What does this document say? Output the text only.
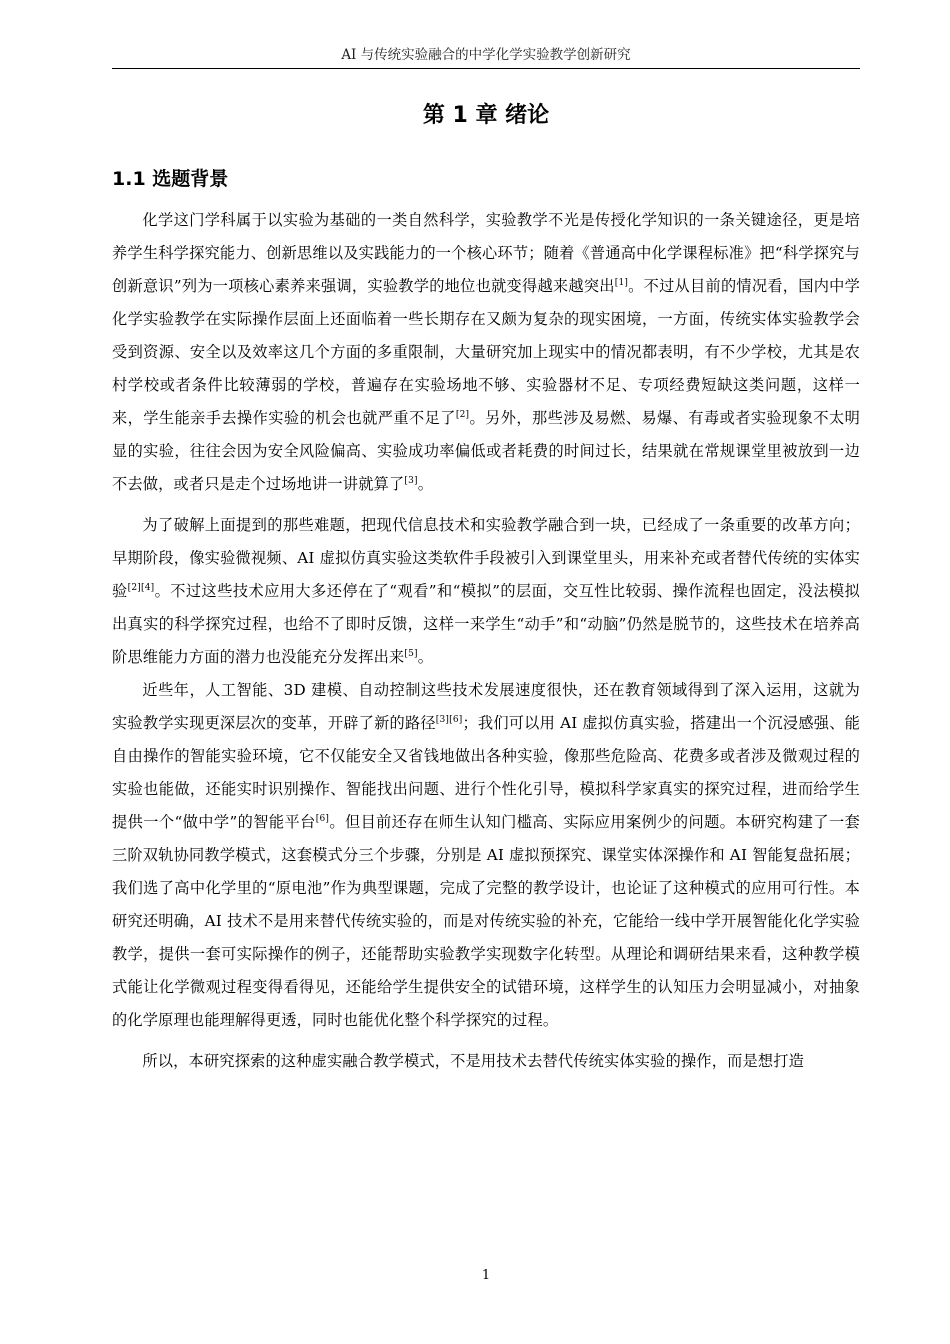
AI 与传统实验融合的中学化学实验教学创新研究
第 1 章 绪论
1.1 选题背景

化学这门学科属于以实验为基础的一类自然科学，实验教学不光是传授化学知识的一条关键途径，更是培养学生科学探究能力、创新思维以及实践能力的一个核心环节；随着《普通高中化学课程标准》把“科学探究与创新意识”列为一项核心素养来强调，实验教学的地位也就变得越来越突出[1]。不过从目前的情况看，国内中学化学实验教学在实际操作层面上还面临着一些长期存在又颇为复杂的现实困境，一方面，传统实体实验教学会受到资源、安全以及效率这几个方面的多重限制，大量研究加上现实中的情况都表明，有不少学校，尤其是农村学校或者条件比较薄弱的学校，普遍存在实验场地不够、实验器材不足、专项经费短缺这类问题，这样一来，学生能亲手去操作实验的机会也就严重不足了[2]。另外，那些涉及易燃、易爆、有毒或者实验现象不太明显的实验，往往会因为安全风险偏高、实验成功率偏低或者耗费的时间过长，结果就在常规课堂里被放到一边不去做，或者只是走个过场地讲一讲就算了[3]。

为了破解上面提到的那些难题，把现代信息技术和实验教学融合到一块，已经成了一条重要的改革方向；早期阶段，像实验微视频、AI 虚拟仿真实验这类软件手段被引入到课堂里头，用来补充或者替代传统的实体实验[2][4]。不过这些技术应用大多还停在了“观看”和“模拟”的层面，交互性比较弱、操作流程也固定，没法模拟出真实的科学探究过程，也给不了即时反馈，这样一来学生“动手”和“动脑”仍然是脱节的，这些技术在培养高阶思维能力方面的潜力也没能充分发挥出来[5]。

近些年，人工智能、3D 建模、自动控制这些技术发展速度很快，还在教育领域得到了深入运用，这就为实验教学实现更深层次的变革，开辟了新的路径[3][6]；我们可以用 AI 虚拟仿真实验，搭建出一个沉浸感强、能自由操作的智能实验环境，它不仅能安全又省钱地做出各种实验，像那些危险高、花费多或者涉及微观过程的实验也能做，还能实时识别操作、智能找出问题、进行个性化引导，模拟科学家真实的探究过程，进而给学生提供一个“做中学”的智能平台[6]。但目前还存在师生认知门槛高、实际应用案例少的问题。本研究构建了一套三阶双轨协同教学模式，这套模式分三个步骤，分别是 AI 虚拟预探究、课堂实体深操作和 AI 智能复盘拓展；我们选了高中化学里的“原电池”作为典型课题，完成了完整的教学设计，也论证了这种模式的应用可行性。本研究还明确，AI 技术不是用来替代传统实验的，而是对传统实验的补充，它能给一线中学开展智能化化学实验教学，提供一套可实际操作的例子，还能帮助实验教学实现数字化转型。从理论和调研结果来看，这种教学模式能让化学微观过程变得看得见，还能给学生提供安全的试错环境，这样学生的认知压力会明显减小，对抽象的化学原理也能理解得更透，同时也能优化整个科学探究的过程。

所以，本研究探索的这种虚实融合教学模式，不是用技术去替代传统实体实验的操作，而是想打造

1
